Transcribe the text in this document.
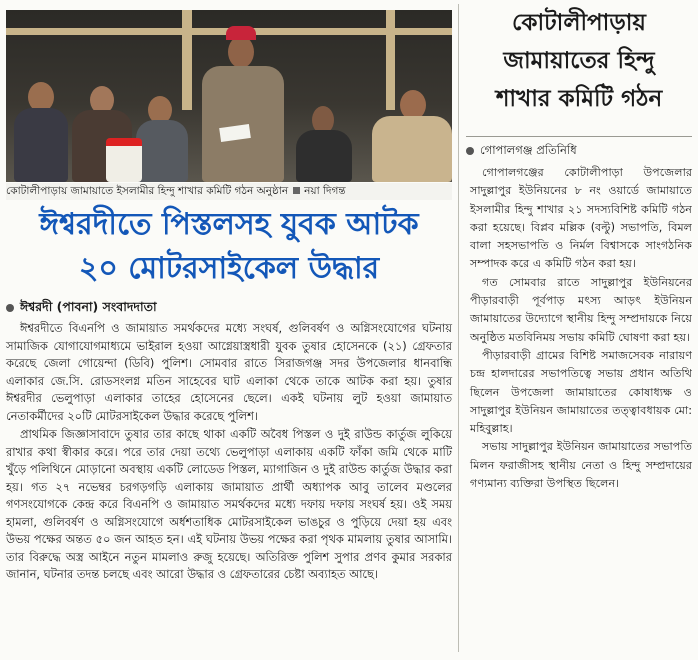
কোটালীপাড়ায় জামায়াতে ইসলামীর হিন্দু শাখার কমিটি গঠন অনুষ্ঠান নয়া দিগন্ত
ঈশ্বরদীতে পিস্তলসহ যুবক আটক
২০ মোটরসাইকেল উদ্ধার
ঈশ্বরদী (পাবনা) সংবাদদাতা

ঈশ্বরদীতে বিএনপি ও জামায়াত সমর্থকদের মধ্যে সংঘর্ষ, গুলিবর্ষণ ও অগ্নিসংযোগের ঘটনায় সামাজিক যোগাযোগমাধ্যমে ভাইরাল হওয়া আগ্নেয়াস্ত্রধারী যুবক তুষার হোসেনকে (২১) গ্রেফতার করেছে জেলা গোয়েন্দা (ডিবি) পুলিশ। সোমবার রাতে সিরাজগঞ্জ সদর উপজেলার ধানবান্ধি এলাকার জে.সি. রোডসংলগ্ন মতিন সাহেবের ঘাট এলাকা থেকে তাকে আটক করা হয়। তুষার ঈশ্বরদীর ভেলুপাড়া এলাকার তাহের হোসেনের ছেলে। একই ঘটনায় লুট হওয়া জামায়াত নেতাকর্মীদের ২০টি মোটরসাইকেল উদ্ধার করেছে পুলিশ।

প্রাথমিক জিজ্ঞাসাবাদে তুষার তার কাছে থাকা একটি অবৈধ পিস্তল ও দুই রাউন্ড কার্তুজ লুকিয়ে রাখার কথা স্বীকার করে। পরে তার দেয়া তথ্যে ভেলুপাড়া এলাকায় একটি ফাঁকা জমি থেকে মাটি খুঁড়ে পলিথিনে মোড়ানো অবস্থায় একটি লোডেড পিস্তল, ম্যাগাজিন ও দুই রাউন্ড কার্তুজ উদ্ধার করা হয়। গত ২৭ নভেম্বর চরগড়গড়ি এলাকায় জামায়াত প্রার্থী অধ্যাপক আবু তালেব মণ্ডলের গণসংযোগকে কেন্দ্র করে বিএনপি ও জামায়াত সমর্থকদের মধ্যে দফায় দফায় সংঘর্ষ হয়। ওই সময় হামলা, গুলিবর্ষণ ও অগ্নিসংযোগে অর্ধশতাধিক মোটরসাইকেল ভাঙচুর ও পুড়িয়ে দেয়া হয় এবং উভয় পক্ষের অন্তত ৫০ জন আহত হন। এই ঘটনায় উভয় পক্ষের করা পৃথক মামলায় তুষার আসামি। তার বিরুদ্ধে অস্ত্র আইনে নতুন মামলাও রুজু হয়েছে। অতিরিক্ত পুলিশ সুপার প্রণব কুমার সরকার জানান, ঘটনার তদন্ত চলছে এবং আরো উদ্ধার ও গ্রেফতারের চেষ্টা অব্যাহত আছে।

কোটালীপাড়ায়
জামায়াতের হিন্দু
শাখার কমিটি গঠন
গোপালগঞ্জ প্রতিনিধি

গোপালগঞ্জের কোটালীপাড়া উপজেলার সাদুল্লাপুর ইউনিয়নের ৮ নং ওয়ার্ডে জামায়াতে ইসলামীর হিন্দু শাখার ২১ সদস্যবিশিষ্ট কমিটি গঠন করা হয়েছে। বিপ্লব মল্লিক (বল্টু) সভাপতি, বিমল বালা সহসভাপতি ও নির্মল বিশ্বাসকে সাংগঠনিক সম্পাদক করে এ কমিটি গঠন করা হয়।

গত সোমবার রাতে সাদুল্লাপুর ইউনিয়নের পীড়ারবাড়ী পূর্বপাড় মৎস্য আড়ৎ ইউনিয়ন জামায়াতের উদ্যোগে স্থানীয় হিন্দু সম্প্রদায়কে নিয়ে অনুষ্ঠিত মতবিনিময় সভায় কমিটি ঘোষণা করা হয়।

পীড়ারবাড়ী গ্রামের বিশিষ্ট সমাজসেবক নারায়ণ চন্দ্র হালদারের সভাপতিত্বে সভায় প্রধান অতিথি ছিলেন উপজেলা জামায়াতের কোষাধ্যক্ষ ও সাদুল্লাপুর ইউনিয়ন জামায়াতের তত্ত্বাবধায়ক মো: মহিবুল্লাহ।

সভায় সাদুল্লাপুর ইউনিয়ন জামায়াতের সভাপতি মিলন ফরাজীসহ স্থানীয় নেতা ও হিন্দু সম্প্রদায়ের গণ্যমান্য ব্যক্তিরা উপস্থিত ছিলেন।
